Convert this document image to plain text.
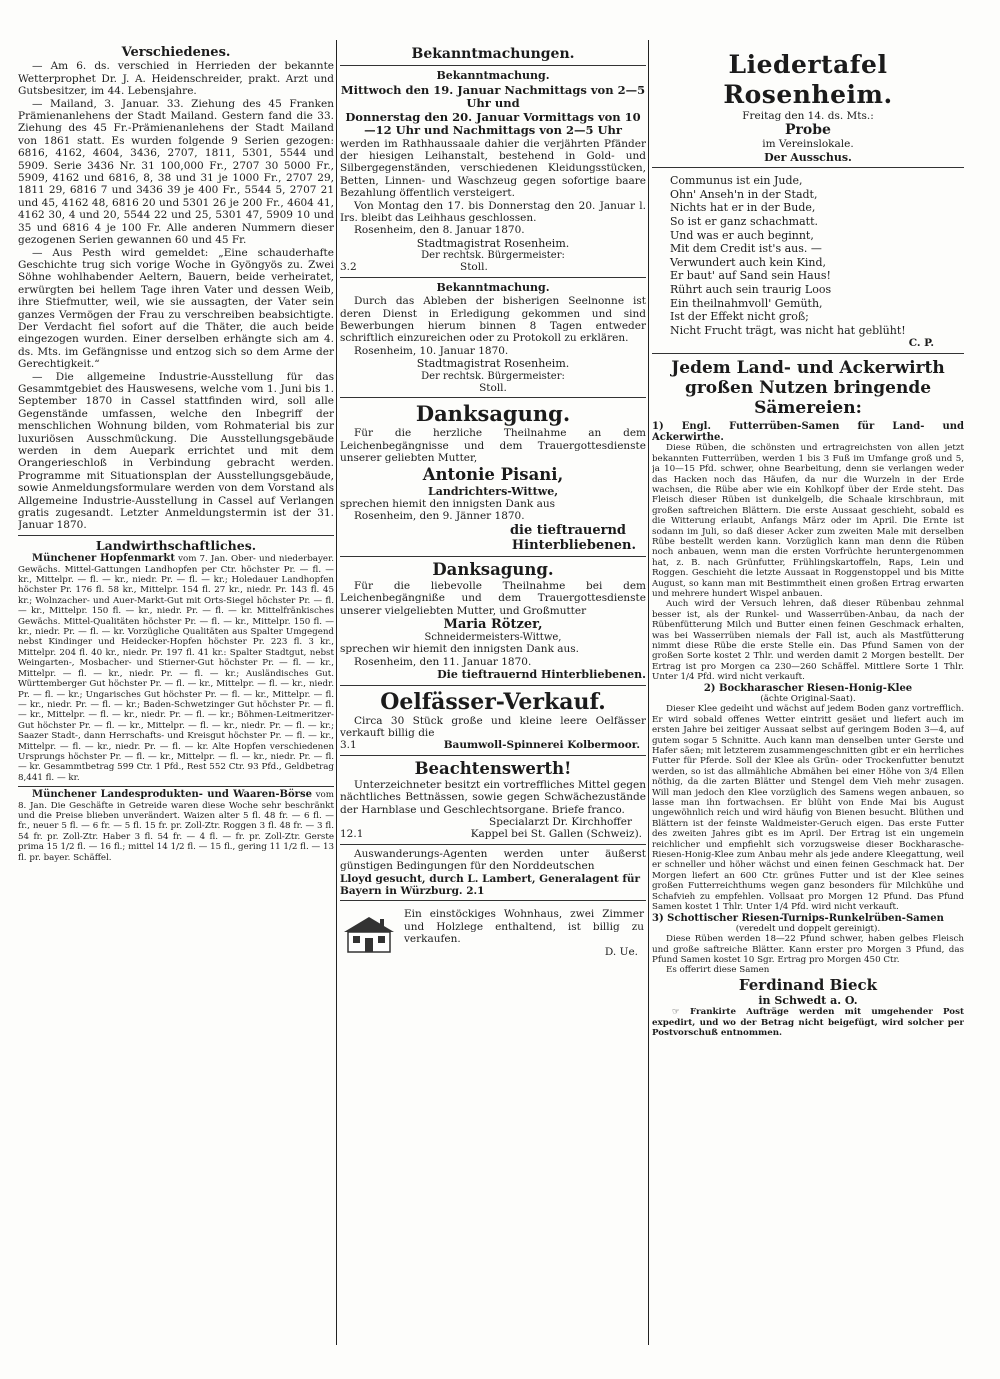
Verschiedenes.

— Am 6. ds. verschied in Herrieden der bekannte Wetterprophet Dr. J. A. Heidenschreider, prakt. Arzt und Gutsbesitzer, im 44. Lebensjahre.

— Mailand, 3. Januar. 33. Ziehung des 45 Franken Prämienanlehens der Stadt Mailand. Gestern fand die 33. Ziehung des 45 Fr.-Prämienanlehens der Stadt Mailand von 1861 statt. Es wurden folgende 9 Serien gezogen: 6816, 4162, 4604, 3436, 2707, 1811, 5301, 5544 und 5909. Serie 3436 Nr. 31 100,000 Fr., 2707 30 5000 Fr., 5909, 4162 und 6816, 8, 38 und 31 je 1000 Fr., 2707 29, 1811 29, 6816 7 und 3436 39 je 400 Fr., 5544 5, 2707 21 und 45, 4162 48, 6816 20 und 5301 26 je 200 Fr., 4604 41, 4162 30, 4 und 20, 5544 22 und 25, 5301 47, 5909 10 und 35 und 6816 4 je 100 Fr. Alle anderen Nummern dieser gezogenen Serien gewannen 60 und 45 Fr.

— Aus Pesth wird gemeldet: „Eine schauderhafte Geschichte trug sich vorige Woche in Gyöngyös zu. Zwei Söhne wohlhabender Aeltern, Bauern, beide verheiratet, erwürgten bei hellem Tage ihren Vater und dessen Weib, ihre Stiefmutter, weil, wie sie aussagten, der Vater sein ganzes Vermögen der Frau zu verschreiben beabsichtigte. Der Verdacht fiel sofort auf die Thäter, die auch beide eingezogen wurden. Einer derselben erhängte sich am 4. ds. Mts. im Gefängnisse und entzog sich so dem Arme der Gerechtigkeit.“

— Die allgemeine Industrie-Ausstellung für das Gesammtgebiet des Hauswesens, welche vom 1. Juni bis 1. September 1870 in Cassel stattfinden wird, soll alle Gegenstände umfassen, welche den Inbegriff der menschlichen Wohnung bilden, vom Rohmaterial bis zur luxuriösen Ausschmückung. Die Ausstellungsgebäude werden in dem Auepark errichtet und mit dem Orangerieschloß in Verbindung gebracht werden. Programme mit Situationsplan der Ausstellungsgebäude, sowie Anmeldungsformulare werden von dem Vorstand als Allgemeine Industrie-Ausstellung in Cassel auf Verlangen gratis zugesandt. Letzter Anmeldungstermin ist der 31. Januar 1870.

Landwirthschaftliches.

Münchener Hopfenmarkt vom 7. Jan. Ober- und niederbayer. Gewächs. Mittel-Gattungen Landhopfen per Ctr. höchster Pr. — fl. — kr., Mittelpr. — fl. — kr., niedr. Pr. — fl. — kr.; Holedauer Landhopfen höchster Pr. 176 fl. 58 kr., Mittelpr. 154 fl. 27 kr., niedr. Pr. 143 fl. 45 kr.; Wolnzacher- und Auer-Markt-Gut mit Orts-Siegel höchster Pr. — fl. — kr., Mittelpr. 150 fl. — kr., niedr. Pr. — fl. — kr. Mittelfränkisches Gewächs. Mittel-Qualitäten höchster Pr. — fl. — kr., Mittelpr. 150 fl. — kr., niedr. Pr. — fl. — kr. Vorzügliche Qualitäten aus Spalter Umgegend nebst Kindinger und Heidecker-Hopfen höchster Pr. 223 fl. 3 kr., Mittelpr. 204 fl. 40 kr., niedr. Pr. 197 fl. 41 kr.: Spalter Stadtgut, nebst Weingarten-, Mosbacher- und Stierner-Gut höchster Pr. — fl. — kr., Mittelpr. — fl. — kr., niedr. Pr. — fl. — kr.; Ausländisches Gut. Württemberger Gut höchster Pr. — fl. — kr., Mittelpr. — fl. — kr., niedr. Pr. — fl. — kr.; Ungarisches Gut höchster Pr. — fl. — kr., Mittelpr. — fl. — kr., niedr. Pr. — fl. — kr.; Baden-Schwetzinger Gut höchster Pr. — fl. — kr., Mittelpr. — fl. — kr., niedr. Pr. — fl. — kr.; Böhmen-Leitmeritzer-Gut höchster Pr. — fl. — kr., Mittelpr. — fl. — kr., niedr. Pr. — fl. — kr.; Saazer Stadt-, dann Herrschafts- und Kreisgut höchster Pr. — fl. — kr., Mittelpr. — fl. — kr., niedr. Pr. — fl. — kr. Alte Hopfen verschiedenen Ursprungs höchster Pr. — fl. — kr., Mittelpr. — fl. — kr., niedr. Pr. — fl. — kr. Gesammtbetrag 599 Ctr. 1 Pfd., Rest 552 Ctr. 93 Pfd., Geldbetrag 8,441 fl. — kr.

Münchener Landesprodukten- und Waaren-Börse vom 8. Jan. Die Geschäfte in Getreide waren diese Woche sehr beschränkt und die Preise blieben unverändert. Waizen alter 5 fl. 48 fr. — 6 fl. — fr., neuer 5 fl. — 6 fr. — 5 fl. 15 fr. pr. Zoll-Ztr. Roggen 3 fl. 48 fr. — 3 fl. 54 fr. pr. Zoll-Ztr. Haber 3 fl. 54 fr. — 4 fl. — fr. pr. Zoll-Ztr. Gerste prima 15 1/2 fl. — 16 fl.; mittel 14 1/2 fl. — 15 fl., gering 11 1/2 fl. — 13 fl. pr. bayer. Schäffel.

Bekanntmachungen.
Bekanntmachung.

Mittwoch den 19. Januar Nachmittags von 2—5 Uhr und

Donnerstag den 20. Januar Vormittags von 10—12 Uhr und Nachmittags von 2—5 Uhr

werden im Rathhaussaale dahier die verjährten Pfänder der hiesigen Leihanstalt, bestehend in Gold- und Silbergegenständen, verschiedenen Kleidungsstücken, Betten, Linnen- und Waschzeug gegen sofortige baare Bezahlung öffentlich versteigert.

Von Montag den 17. bis Donnerstag den 20. Januar l. Irs. bleibt das Leihhaus geschlossen.

Rosenheim, den 8. Januar 1870.

Stadtmagistrat Rosenheim.

Der rechtsk. Bürgermeister:

3.2	Stoll.

Bekanntmachung.

Durch das Ableben der bisherigen Seelnonne ist deren Dienst in Erledigung gekommen und sind Bewerbungen hierum binnen 8 Tagen entweder schriftlich einzureichen oder zu Protokoll zu erklären.

Rosenheim, 10. Januar 1870.

Stadtmagistrat Rosenheim.

Der rechtsk. Bürgermeister:

Stoll.

Danksagung.

Für die herzliche Theilnahme an dem Leichenbegängnisse und dem Trauergottesdienste unserer geliebten Mutter,

Antonie Pisani,

Landrichters-Wittwe,

sprechen hiemit den innigsten Dank aus

Rosenheim, den 9. Jänner 1870.

die tieftrauernd

Hinterbliebenen.

Danksagung.

Für die liebevolle Theilnahme bei dem Leichenbegängniße und dem Trauergottesdienste unserer vielgeliebten Mutter, und Großmutter

Maria Rötzer,

Schneidermeisters-Wittwe,

sprechen wir hiemit den innigsten Dank aus.

Rosenheim, den 11. Januar 1870.

Die tieftrauernd Hinterbliebenen.

Oelfässer-Verkauf.

Circa 30 Stück große und kleine leere Oelfässer verkauft billig die

3.1	Baumwoll-Spinnerei Kolbermoor.

Beachtenswerth!

Unterzeichneter besitzt ein vortreffliches Mittel gegen nächtliches Bettnässen, sowie gegen Schwächezustände der Harnblase und Geschlechtsorgane. Briefe franco.

Specialarzt Dr. Kirchhoffer

12.1	Kappel bei St. Gallen (Schweiz).

Auswanderungs-Agenten werden unter äußerst günstigen Bedingungen für den Norddeutschen

Lloyd gesucht, durch L. Lambert, Generalagent für Bayern in Würzburg. 2.1

Ein einstöckiges Wohnhaus, zwei Zimmer und Holzlege enthaltend, ist billig zu verkaufen.

D. Ue.

Liedertafel Rosenheim.

Freitag den 14. ds. Mts.:

Probe

im Vereinslokale.

Der Ausschus.

Communus ist ein Jude,

Ohn' Anseh'n in der Stadt,

Nichts hat er in der Bude,

So ist er ganz schachmatt.

Und was er auch beginnt,

Mit dem Credit ist's aus. —

Verwundert auch kein Kind,

Er baut' auf Sand sein Haus!

Rührt auch sein traurig Loos

Ein theilnahmvoll' Gemüth,

Ist der Effekt nicht groß;

Nicht Frucht trägt, was nicht hat geblüht!

C. P.

Jedem Land- und Ackerwirth
großen Nutzen bringende
Sämereien:

1) Engl. Futterrüben-Samen für Land- und Ackerwirthe.

Diese Rüben, die schönsten und ertragreichsten von allen jetzt bekannten Futterrüben, werden 1 bis 3 Fuß im Umfange groß und 5, ja 10—15 Pfd. schwer, ohne Bearbeitung, denn sie verlangen weder das Hacken noch das Häufen, da nur die Wurzeln in der Erde wachsen, die Rübe aber wie ein Kohlkopf über der Erde steht. Das Fleisch dieser Rüben ist dunkelgelb, die Schaale kirschbraun, mit großen saftreichen Blättern. Die erste Aussaat geschieht, sobald es die Witterung erlaubt, Anfangs März oder im April. Die Ernte ist sodann im Juli, so daß dieser Acker zum zweiten Male mit derselben Rübe bestellt werden kann. Vorzüglich kann man denn die Rüben noch anbauen, wenn man die ersten Vorfrüchte heruntergenommen hat, z. B. nach Grünfutter, Frühlingskartoffeln, Raps, Lein und Roggen. Geschieht die letzte Aussaat in Roggenstoppel und bis Mitte August, so kann man mit Bestimmtheit einen großen Ertrag erwarten und mehrere hundert Wispel anbauen.

Auch wird der Versuch lehren, daß dieser Rübenbau zehnmal besser ist, als der Runkel- und Wasserrüben-Anbau, da nach der Rübenfütterung Milch und Butter einen feinen Geschmack erhalten, was bei Wasserrüben niemals der Fall ist, auch als Mastfütterung nimmt diese Rübe die erste Stelle ein. Das Pfund Samen von der großen Sorte kostet 2 Thlr. und werden damit 2 Morgen bestellt. Der Ertrag ist pro Morgen ca 230—260 Schäffel. Mittlere Sorte 1 Thlr. Unter 1/4 Pfd. wird nicht verkauft.

2) Bockharascher Riesen-Honig-Klee

(ächte Original-Saat).

Dieser Klee gedeiht und wächst auf jedem Boden ganz vortrefflich. Er wird sobald offenes Wetter eintritt gesäet und liefert auch im ersten Jahre bei zeitiger Aussaat selbst auf geringem Boden 3—4, auf gutem sogar 5 Schnitte. Auch kann man denselben unter Gerste und Hafer säen; mit letzterem zusammengeschnitten gibt er ein herrliches Futter für Pferde. Soll der Klee als Grün- oder Trockenfutter benutzt werden, so ist das allmähliche Abmähen bei einer Höhe von 3/4 Ellen nöthig, da die zarten Blätter und Stengel dem Vieh mehr zusagen. Will man jedoch den Klee vorzüglich des Samens wegen anbauen, so lasse man ihn fortwachsen. Er blüht von Ende Mai bis August ungewöhnlich reich und wird häufig von Bienen besucht. Blüthen und Blättern ist der feinste Waldmeister-Geruch eigen. Das erste Futter des zweiten Jahres gibt es im April. Der Ertrag ist ein ungemein reichlicher und empfiehlt sich vorzugsweise dieser Bockharasche-Riesen-Honig-Klee zum Anbau mehr als jede andere Kleegattung, weil er schneller und höher wächst und einen feinen Geschmack hat. Der Morgen liefert an 600 Ctr. grünes Futter und ist der Klee seines großen Futterreichthums wegen ganz besonders für Milchkühe und Schafvieh zu empfehlen. Vollsaat pro Morgen 12 Pfund. Das Pfund Samen kostet 1 Thlr. Unter 1/4 Pfd. wird nicht verkauft.

3) Schottischer Riesen-Turnips-Runkelrüben-Samen

(veredelt und doppelt gereinigt).

Diese Rüben werden 18—22 Pfund schwer, haben gelbes Fleisch und große saftreiche Blätter. Kann erster pro Morgen 3 Pfund, das Pfund Samen kostet 10 Sgr. Ertrag pro Morgen 450 Ctr.

Es offerirt diese Samen

Ferdinand Bieck

in Schwedt a. O.

☞ Frankirte Aufträge werden mit umgehender Post expedirt, und wo der Betrag nicht beigefügt, wird solcher per Postvorschuß entnommen.
